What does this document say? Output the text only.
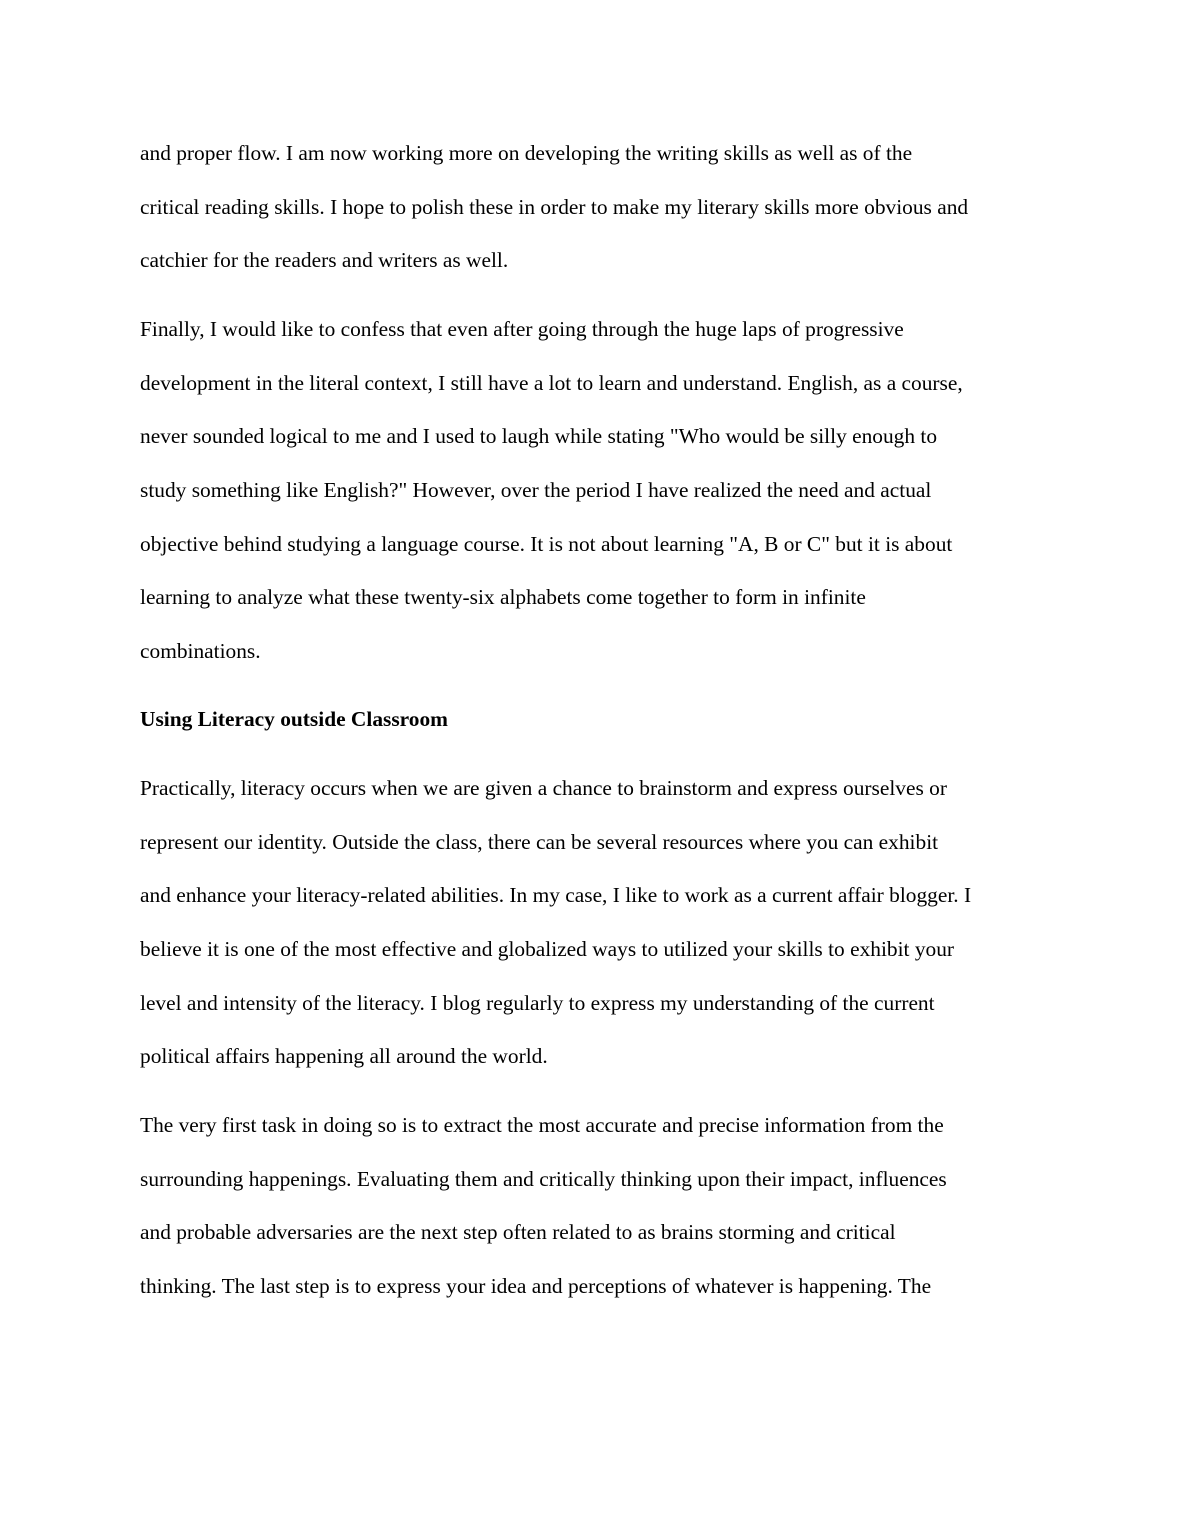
and proper flow. I am now working more on developing the writing skills as well as of the
critical reading skills. I hope to polish these in order to make my literary skills more obvious and
catchier for the readers and writers as well.
Finally, I would like to confess that even after going through the huge laps of progressive
development in the literal context, I still have a lot to learn and understand. English, as a course,
never sounded logical to me and I used to laugh while stating "Who would be silly enough to
study something like English?" However, over the period I have realized the need and actual
objective behind studying a language course. It is not about learning "A, B or C" but it is about
learning to analyze what these twenty-six alphabets come together to form in infinite
combinations.
Using Literacy outside Classroom
Practically, literacy occurs when we are given a chance to brainstorm and express ourselves or
represent our identity. Outside the class, there can be several resources where you can exhibit
and enhance your literacy-related abilities. In my case, I like to work as a current affair blogger. I
believe it is one of the most effective and globalized ways to utilized your skills to exhibit your
level and intensity of the literacy. I blog regularly to express my understanding of the current
political affairs happening all around the world.
The very first task in doing so is to extract the most accurate and precise information from the
surrounding happenings. Evaluating them and critically thinking upon their impact, influences
and probable adversaries are the next step often related to as brains storming and critical
thinking. The last step is to express your idea and perceptions of whatever is happening. The
